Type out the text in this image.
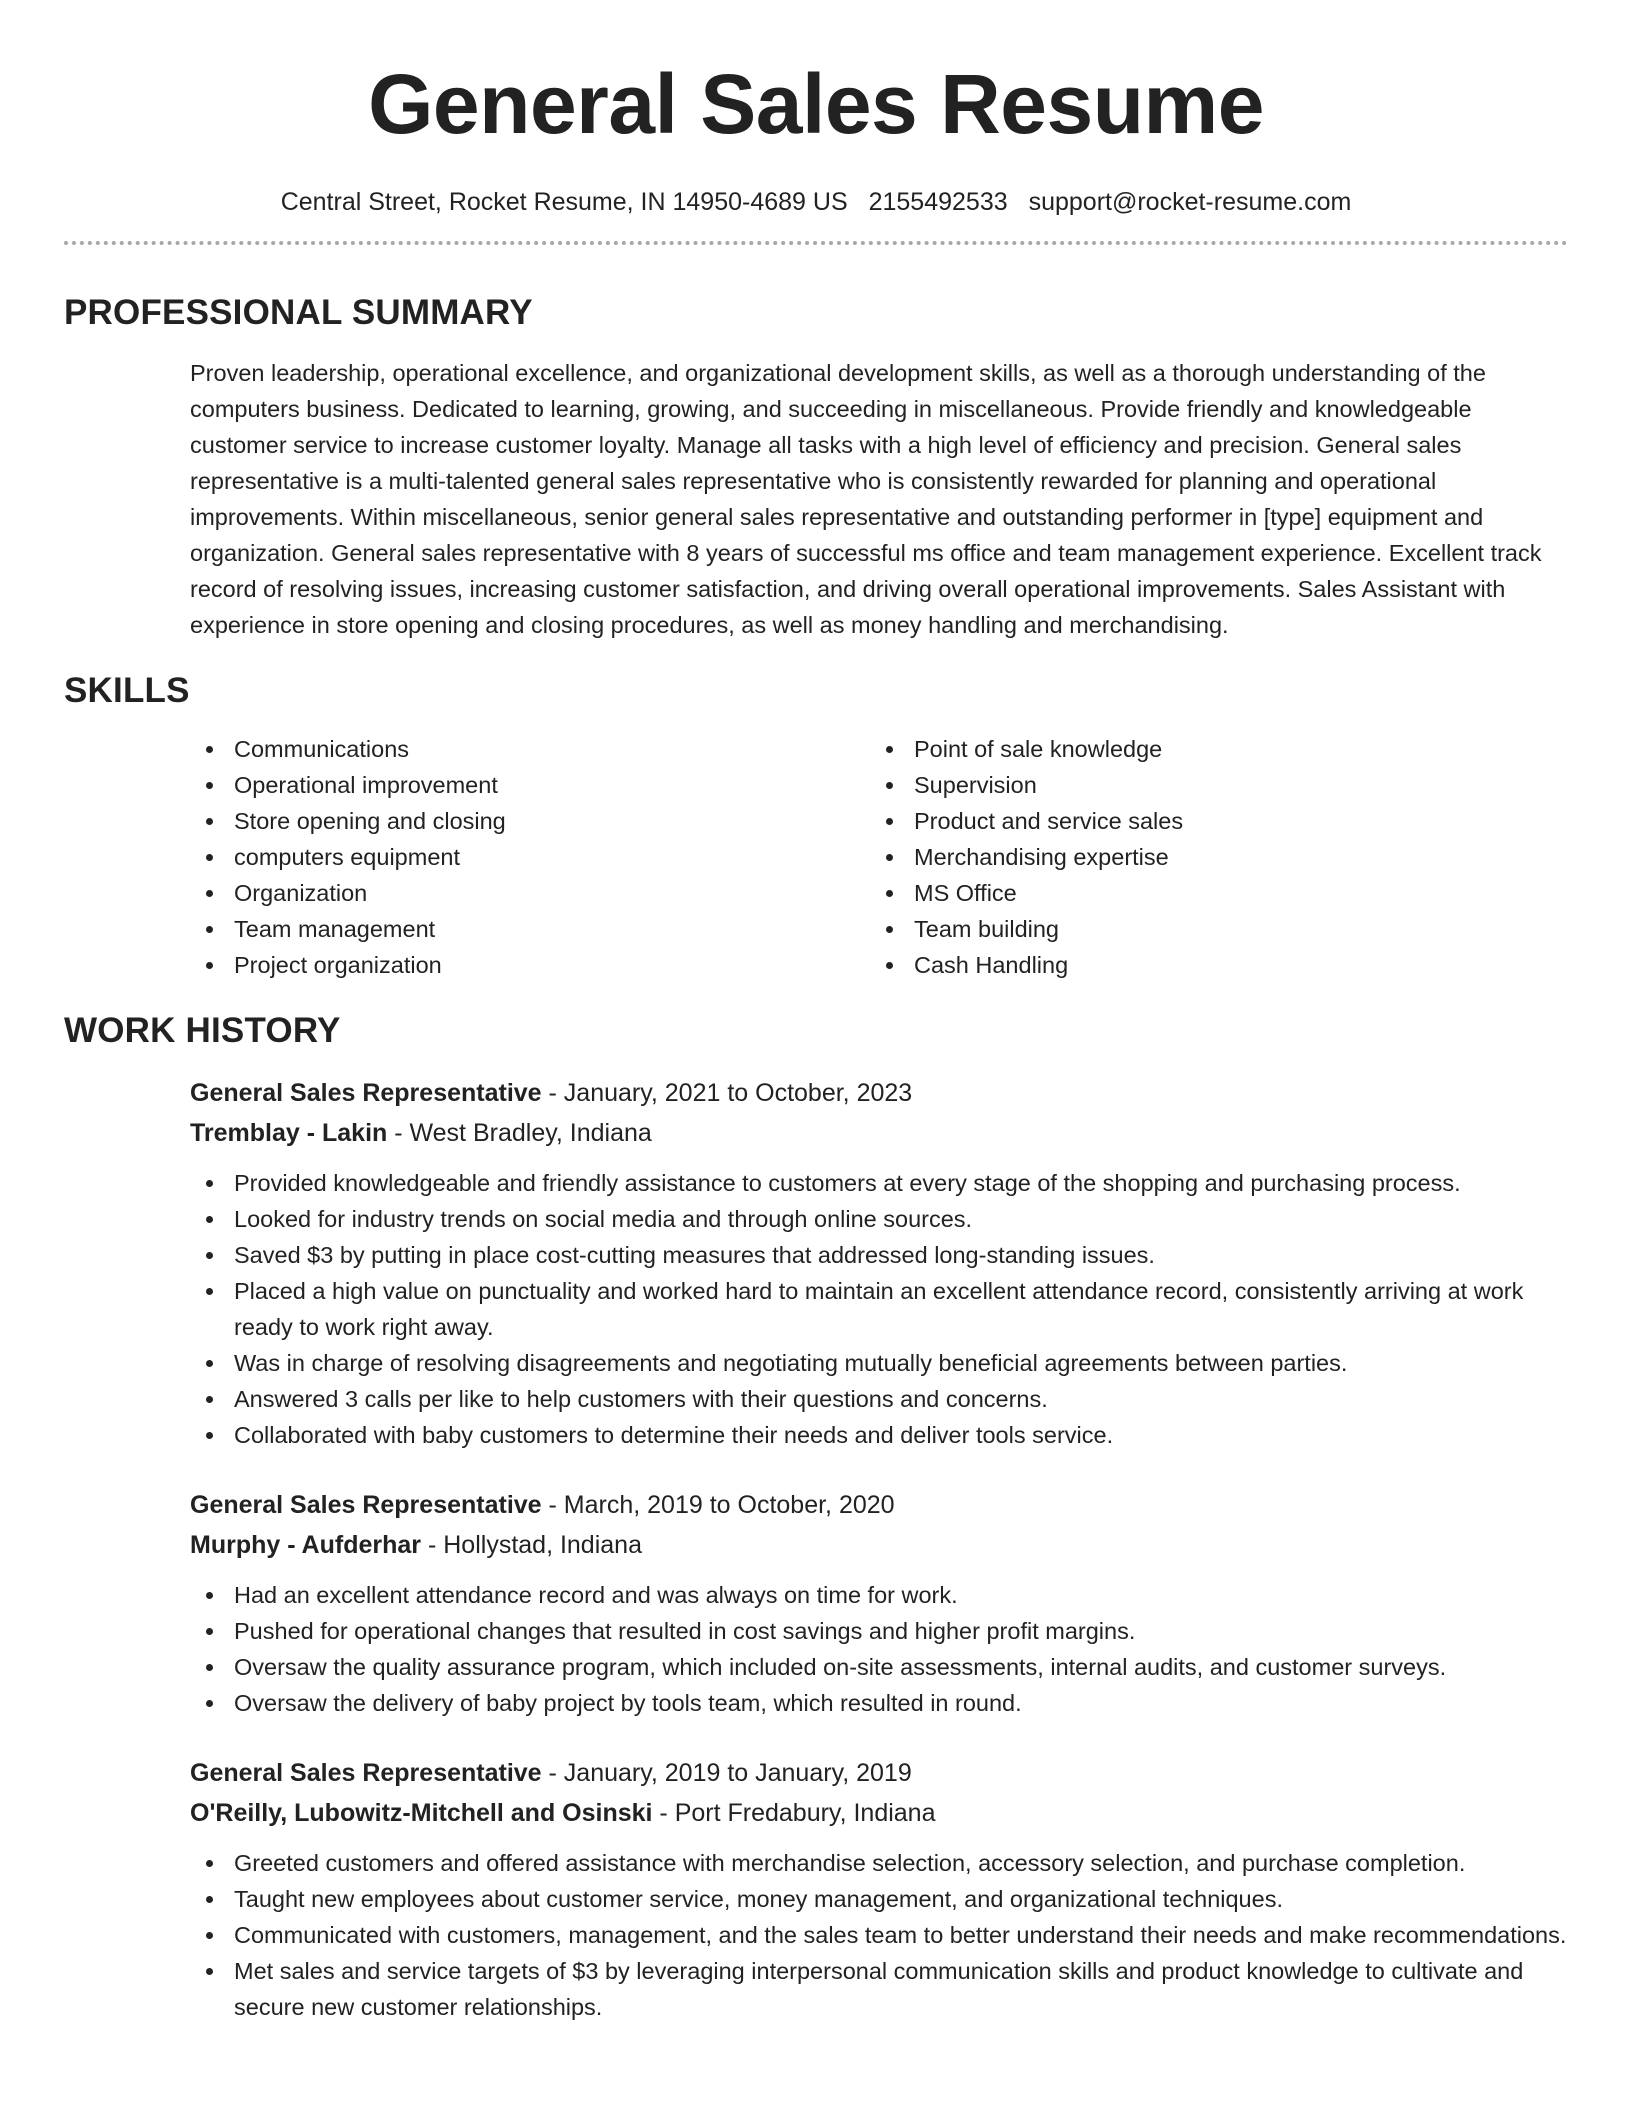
General Sales Resume
Central Street, Rocket Resume, IN 14950-4689 US 2155492533 support@rocket-resume.com
PROFESSIONAL SUMMARY

Proven leadership, operational excellence, and organizational development skills, as well as a thorough understanding of the computers business. Dedicated to learning, growing, and succeeding in miscellaneous. Provide friendly and knowledgeable customer service to increase customer loyalty. Manage all tasks with a high level of efficiency and precision. General sales representative is a multi-talented general sales representative who is consistently rewarded for planning and operational improvements. Within miscellaneous, senior general sales representative and outstanding performer in [type] equipment and organization. General sales representative with 8 years of successful ms office and team management experience. Excellent track record of resolving issues, increasing customer satisfaction, and driving overall operational improvements. Sales Assistant with experience in store opening and closing procedures, as well as money handling and merchandising.

SKILLS
Communications
Operational improvement
Store opening and closing
computers equipment
Organization
Team management
Project organization
Point of sale knowledge
Supervision
Product and service sales
Merchandising expertise
MS Office
Team building
Cash Handling
WORK HISTORY
General Sales Representative - January, 2021 to October, 2023
Tremblay - Lakin - West Bradley, Indiana
Provided knowledgeable and friendly assistance to customers at every stage of the shopping and purchasing process.
Looked for industry trends on social media and through online sources.
Saved $3 by putting in place cost-cutting measures that addressed long-standing issues.
Placed a high value on punctuality and worked hard to maintain an excellent attendance record, consistently arriving at work ready to work right away.
Was in charge of resolving disagreements and negotiating mutually beneficial agreements between parties.
Answered 3 calls per like to help customers with their questions and concerns.
Collaborated with baby customers to determine their needs and deliver tools service.
General Sales Representative - March, 2019 to October, 2020
Murphy - Aufderhar - Hollystad, Indiana
Had an excellent attendance record and was always on time for work.
Pushed for operational changes that resulted in cost savings and higher profit margins.
Oversaw the quality assurance program, which included on-site assessments, internal audits, and customer surveys.
Oversaw the delivery of baby project by tools team, which resulted in round.
General Sales Representative - January, 2019 to January, 2019
O'Reilly, Lubowitz-Mitchell and Osinski - Port Fredabury, Indiana
Greeted customers and offered assistance with merchandise selection, accessory selection, and purchase completion.
Taught new employees about customer service, money management, and organizational techniques.
Communicated with customers, management, and the sales team to better understand their needs and make recommendations.
Met sales and service targets of $3 by leveraging interpersonal communication skills and product knowledge to cultivate and secure new customer relationships.
